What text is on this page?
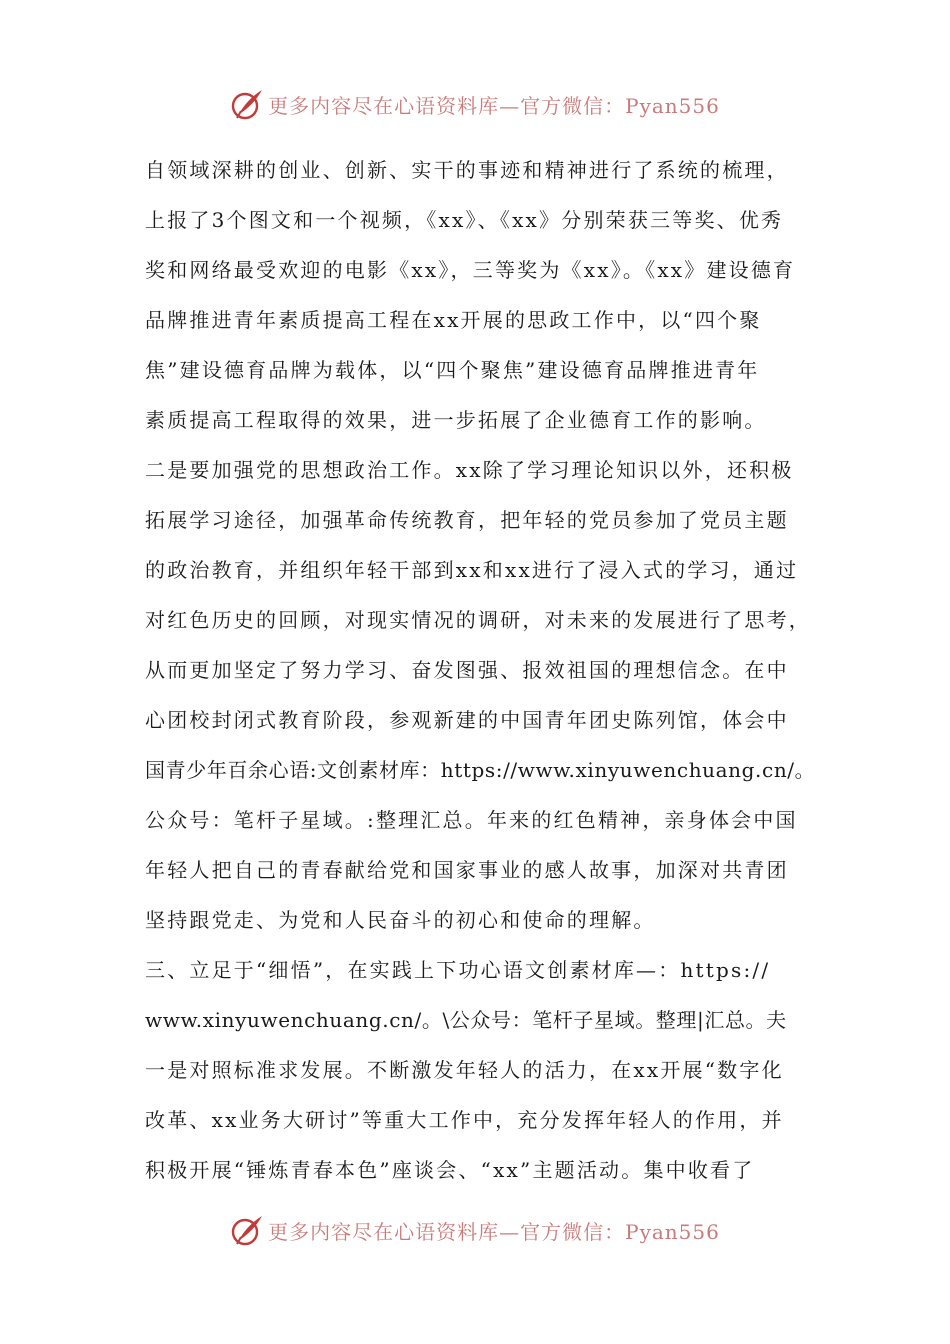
更多内容尽在心语资料库—官方微信：Pyan556
自领域深耕的创业、创新、实干的事迹和精神进行了系统的梳理，
上报了3个图文和一个视频，《xx》、《xx》分别荣获三等奖、优秀
奖和网络最受欢迎的电影《xx》，三等奖为《xx》。《xx》建设德育
品牌推进青年素质提高工程在xx开展的思政工作中，以“四个聚
焦”建设德育品牌为载体，以“四个聚焦”建设德育品牌推进青年
素质提高工程取得的效果，进一步拓展了企业德育工作的影响。
二是要加强党的思想政治工作。xx除了学习理论知识以外，还积极
拓展学习途径，加强革命传统教育，把年轻的党员参加了党员主题
的政治教育，并组织年轻干部到xx和xx进行了浸入式的学习，通过
对红色历史的回顾，对现实情况的调研，对未来的发展进行了思考，
从而更加坚定了努力学习、奋发图强、报效祖国的理想信念。在中
心团校封闭式教育阶段，参观新建的中国青年团史陈列馆，体会中
国青少年百余心语:文创素材库：https://www.xinyuwenchuang.cn/。
公众号：笔杆子星域。:整理汇总。年来的红色精神，亲身体会中国
年轻人把自己的青春献给党和国家事业的感人故事，加深对共青团
坚持跟党走、为党和人民奋斗的初心和使命的理解。
三、立足于“细悟”，在实践上下功心语文创素材库—：https://
www.xinyuwenchuang.cn/。\公众号：笔杆子星域。整理|汇总。夫
一是对照标准求发展。不断激发年轻人的活力，在xx开展“数字化
改革、xx业务大研讨”等重大工作中，充分发挥年轻人的作用，并
积极开展“锤炼青春本色”座谈会、“xx”主题活动。集中收看了
更多内容尽在心语资料库—官方微信：Pyan556
